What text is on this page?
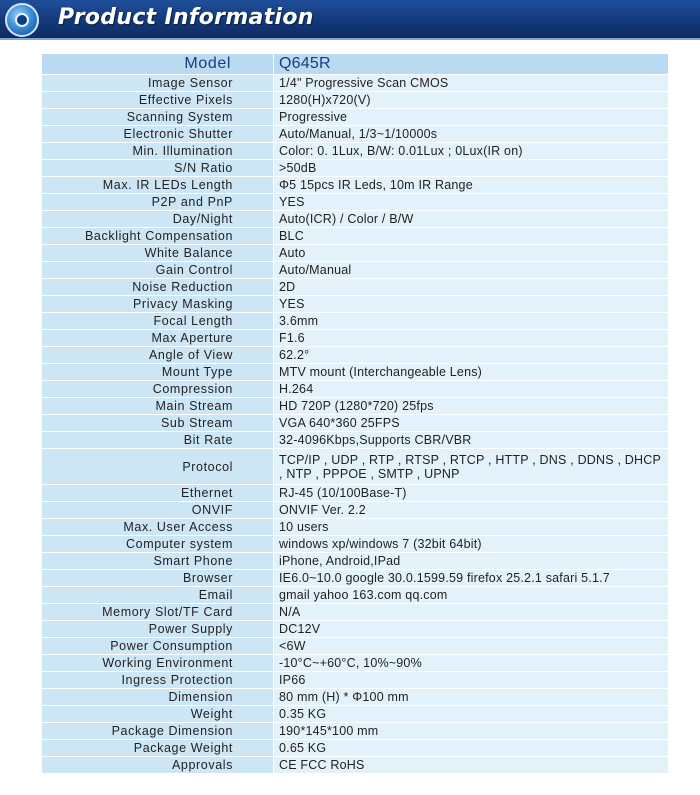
Product Information
Model	Q645R
Image Sensor	1/4" Progressive Scan CMOS
Effective Pixels	1280(H)x720(V)
Scanning System	Progressive
Electronic Shutter	Auto/Manual, 1/3~1/10000s
Min. Illumination	Color: 0. 1Lux, B/W: 0.01Lux ; 0Lux(IR on)
S/N Ratio	>50dB
Max. IR LEDs Length	Φ5 15pcs IR Leds, 10m IR Range
P2P and PnP	YES
Day/Night	Auto(ICR) / Color / B/W
Backlight Compensation	BLC
White Balance	Auto
Gain Control	Auto/Manual
Noise Reduction	2D
Privacy Masking	YES
Focal Length	3.6mm
Max Aperture	F1.6
Angle of View	62.2°
Mount Type	MTV mount (Interchangeable Lens)
Compression	H.264
Main Stream	HD 720P (1280*720) 25fps
Sub Stream	VGA 640*360 25FPS
Bit Rate	32-4096Kbps,Supports CBR/VBR
Protocol	TCP/IP , UDP , RTP , RTSP , RTCP , HTTP , DNS , DDNS , DHCP , NTP , PPPOE , SMTP , UPNP
Ethernet	RJ-45 (10/100Base-T)
ONVIF	ONVIF Ver. 2.2
Max. User Access	10 users
Computer system	windows xp/windows 7 (32bit 64bit)
Smart Phone	iPhone, Android,IPad
Browser	IE6.0~10.0 google 30.0.1599.59 firefox 25.2.1 safari 5.1.7
Email	gmail yahoo 163.com qq.com
Memory Slot/TF Card	N/A
Power Supply	DC12V
Power Consumption	<6W
Working Environment	-10°C~+60°C, 10%~90%
Ingress Protection	IP66
Dimension	80 mm (H) * Φ100 mm
Weight	0.35 KG
Package Dimension	190*145*100 mm
Package Weight	0.65 KG
Approvals	CE FCC RoHS
